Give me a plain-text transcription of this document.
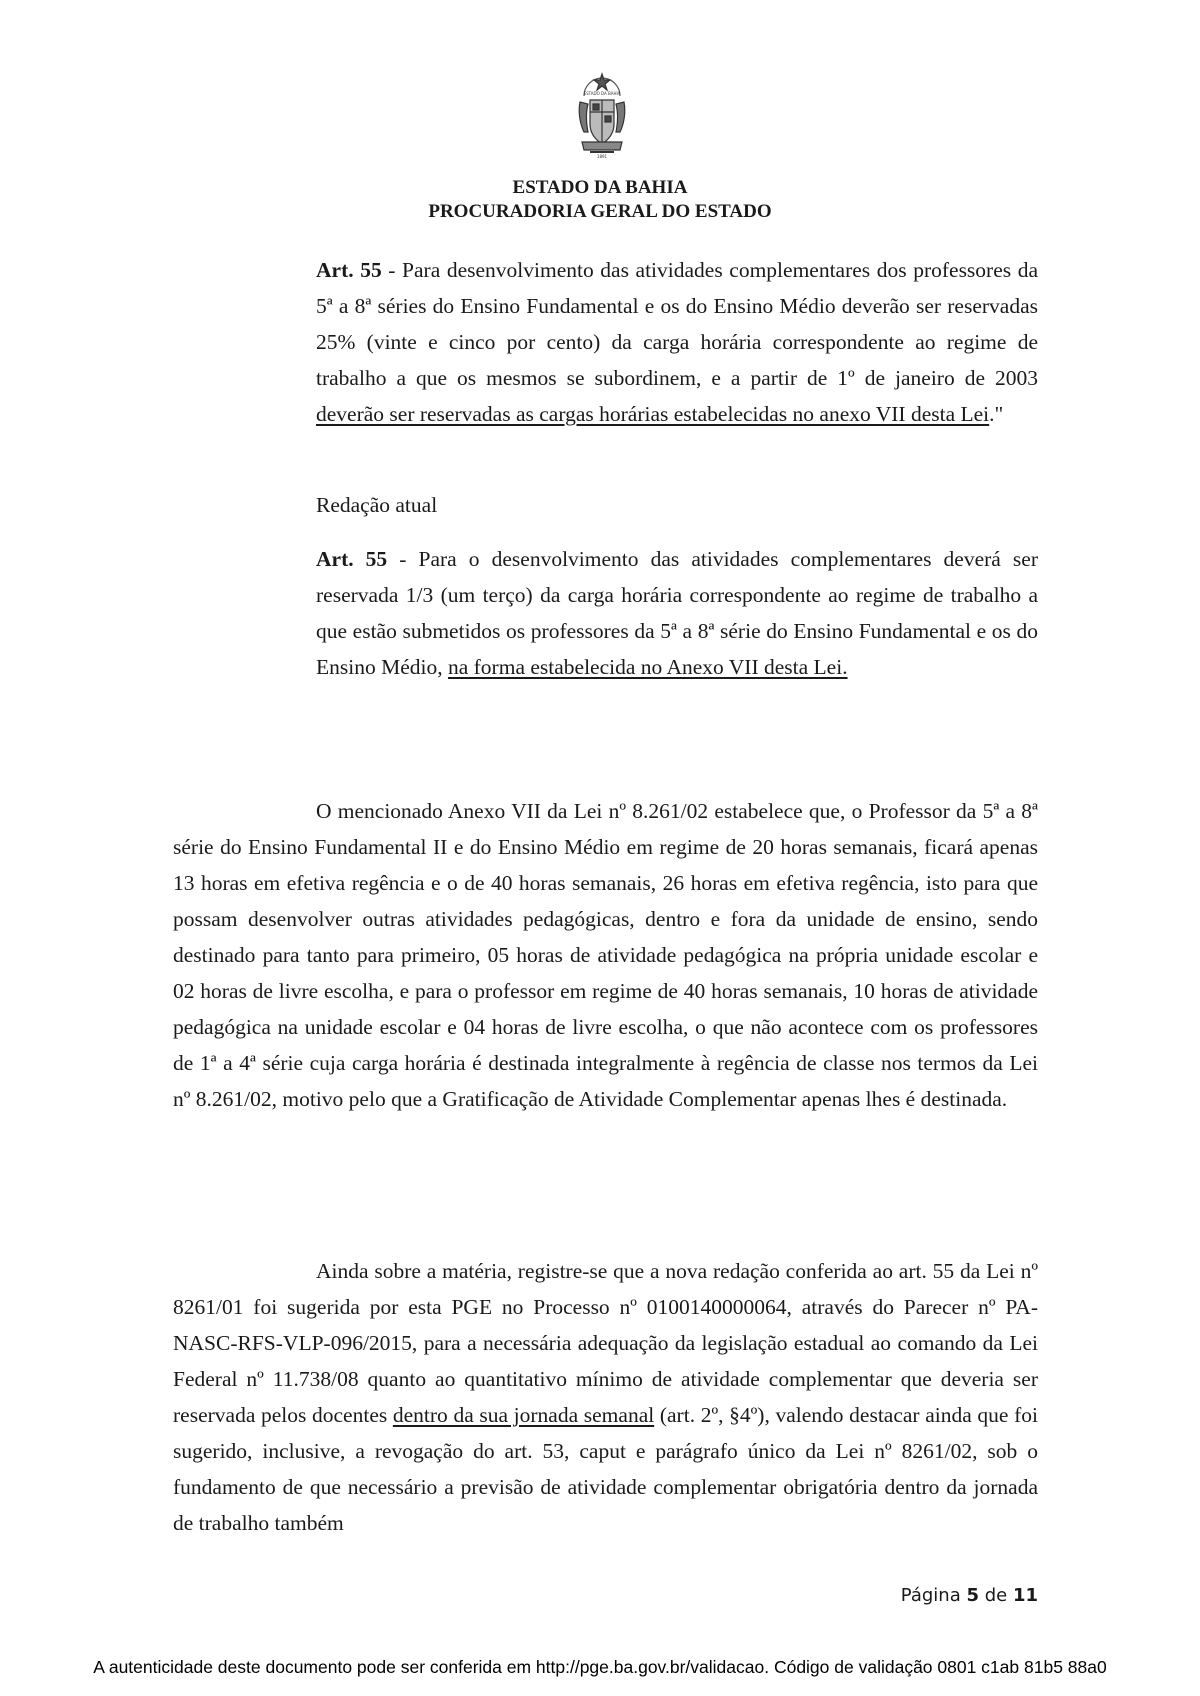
ESTADO DA BAHIA
1891
ESTADO DA BAHIA
PROCURADORIA GERAL DO ESTADO
Art. 55 - Para desenvolvimento das atividades complementares dos professores da 5ª a 8ª séries do Ensino Fundamental e os do Ensino Médio deverão ser reservadas 25% (vinte e cinco por cento) da carga horária correspondente ao regime de trabalho a que os mesmos se subordinem, e a partir de 1º de janeiro de 2003 deverão ser reservadas as cargas horárias estabelecidas no anexo VII desta Lei."
Redação atual
Art. 55 - Para o desenvolvimento das atividades complementares deverá ser reservada 1/3 (um terço) da carga horária correspondente ao regime de trabalho a que estão submetidos os professores da 5ª a 8ª série do Ensino Fundamental e os do Ensino Médio, na forma estabelecida no Anexo VII desta Lei.
O mencionado Anexo VII da Lei nº 8.261/02 estabelece que, o Professor da 5ª a 8ª série do Ensino Fundamental II e do Ensino Médio em regime de 20 horas semanais, ficará apenas 13 horas em efetiva regência e o de 40 horas semanais, 26 horas em efetiva regência, isto para que possam desenvolver outras atividades pedagógicas, dentro e fora da unidade de ensino, sendo destinado para tanto para primeiro, 05 horas de atividade pedagógica na própria unidade escolar e 02 horas de livre escolha, e para o professor em regime de 40 horas semanais, 10 horas de atividade pedagógica na unidade escolar e 04 horas de livre escolha, o que não acontece com os professores de 1ª a 4ª série cuja carga horária é destinada integralmente à regência de classe nos termos da Lei nº 8.261/02, motivo pelo que a Gratificação de Atividade Complementar apenas lhes é destinada.
Ainda sobre a matéria, registre-se que a nova redação conferida ao art. 55 da Lei nº 8261/01 foi sugerida por esta PGE no Processo nº 0100140000064, através do Parecer nº PA-NASC-RFS-VLP-096/2015, para a necessária adequação da legislação estadual ao comando da Lei Federal nº 11.738/08 quanto ao quantitativo mínimo de atividade complementar que deveria ser reservada pelos docentes dentro da sua jornada semanal (art. 2º, §4º), valendo destacar ainda que foi sugerido, inclusive, a revogação do art. 53, caput e parágrafo único da Lei nº 8261/02, sob o fundamento de que necessário a previsão de atividade complementar obrigatória dentro da jornada de trabalho também
Página 5 de 11
A autenticidade deste documento pode ser conferida em http://pge.ba.gov.br/validacao. Código de validação 0801 c1ab 81b5 88a0
